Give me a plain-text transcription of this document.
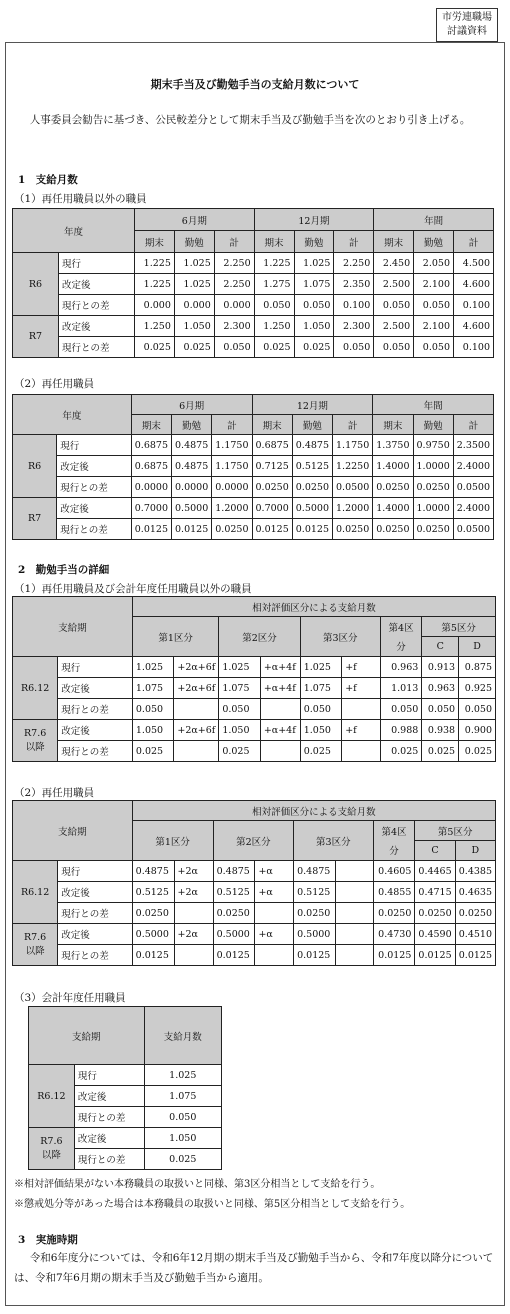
市労連職場
討議資料
期末手当及び勤勉手当の支給月数について
人事委員会勧告に基づき、公民較差分として期末手当及び勤勉手当を次のとおり引き上げる。
1　支給月数
（1）再任用職員以外の職員
年度		6月期			12月期			年間		
		期末	勤勉	計	期末	勤勉	計	期末	勤勉	計
R6	現行	1.225	1.025	2.250	1.225	1.025	2.250	2.450	2.050	4.500
	改定後	1.225	1.025	2.250	1.275	1.075	2.350	2.500	2.100	4.600
	現行との差	0.000	0.000	0.000	0.050	0.050	0.100	0.050	0.050	0.100
R7	改定後	1.250	1.050	2.300	1.250	1.050	2.300	2.500	2.100	4.600
	現行との差	0.025	0.025	0.050	0.025	0.025	0.050	0.050	0.050	0.100
（2）再任用職員
年度		6月期			12月期			年間		
		期末	勤勉	計	期末	勤勉	計	期末	勤勉	計
R6	現行	0.6875	0.4875	1.1750	0.6875	0.4875	1.1750	1.3750	0.9750	2.3500
	改定後	0.6875	0.4875	1.1750	0.7125	0.5125	1.2250	1.4000	1.0000	2.4000
	現行との差	0.0000	0.0000	0.0000	0.0250	0.0250	0.0500	0.0250	0.0250	0.0500
R7	改定後	0.7000	0.5000	1.2000	0.7000	0.5000	1.2000	1.4000	1.0000	2.4000
	現行との差	0.0125	0.0125	0.0250	0.0125	0.0125	0.0250	0.0250	0.0250	0.0500
2　勤勉手当の詳細
（1）再任用職員及び会計年度任用職員以外の職員
支給期		相対評価区分による支給月数								
		第1区分		第2区分		第3区分		第4区	第5区分	
								分	C	D
R6.12	現行	1.025	+2α+6f	1.025	+α+4f	1.025	+f	0.963	0.913	0.875
	改定後	1.075	+2α+6f	1.075	+α+4f	1.075	+f	1.013	0.963	0.925
	現行との差	0.050		0.050		0.050		0.050	0.050	0.050
R7.6
以降	改定後	1.050	+2α+6f	1.050	+α+4f	1.050	+f	0.988	0.938	0.900
	現行との差	0.025		0.025		0.025		0.025	0.025	0.025
（2）再任用職員
支給期		相対評価区分による支給月数								
		第1区分		第2区分		第3区分		第4区	第5区分	
								分	C	D
R6.12	現行	0.4875	+2α	0.4875	+α	0.4875		0.4605	0.4465	0.4385
	改定後	0.5125	+2α	0.5125	+α	0.5125		0.4855	0.4715	0.4635
	現行との差	0.0250		0.0250		0.0250		0.0250	0.0250	0.0250
R7.6
以降	改定後	0.5000	+2α	0.5000	+α	0.5000		0.4730	0.4590	0.4510
	現行との差	0.0125		0.0125		0.0125		0.0125	0.0125	0.0125
（3）会計年度任用職員
支給期		支給月数
R6.12	現行	1.025
	改定後	1.075
	現行との差	0.050
R7.6
以降	改定後	1.050
	現行との差	0.025
※相対評価結果がない本務職員の取扱いと同様、第3区分相当として支給を行う。
※懲戒処分等があった場合は本務職員の取扱いと同様、第5区分相当として支給を行う。
3　実施時期
令和6年度分については、令和6年12月期の期末手当及び勤勉手当から、令和7年度以降分については、令和7年6月期の期末手当及び勤勉手当から適用。
